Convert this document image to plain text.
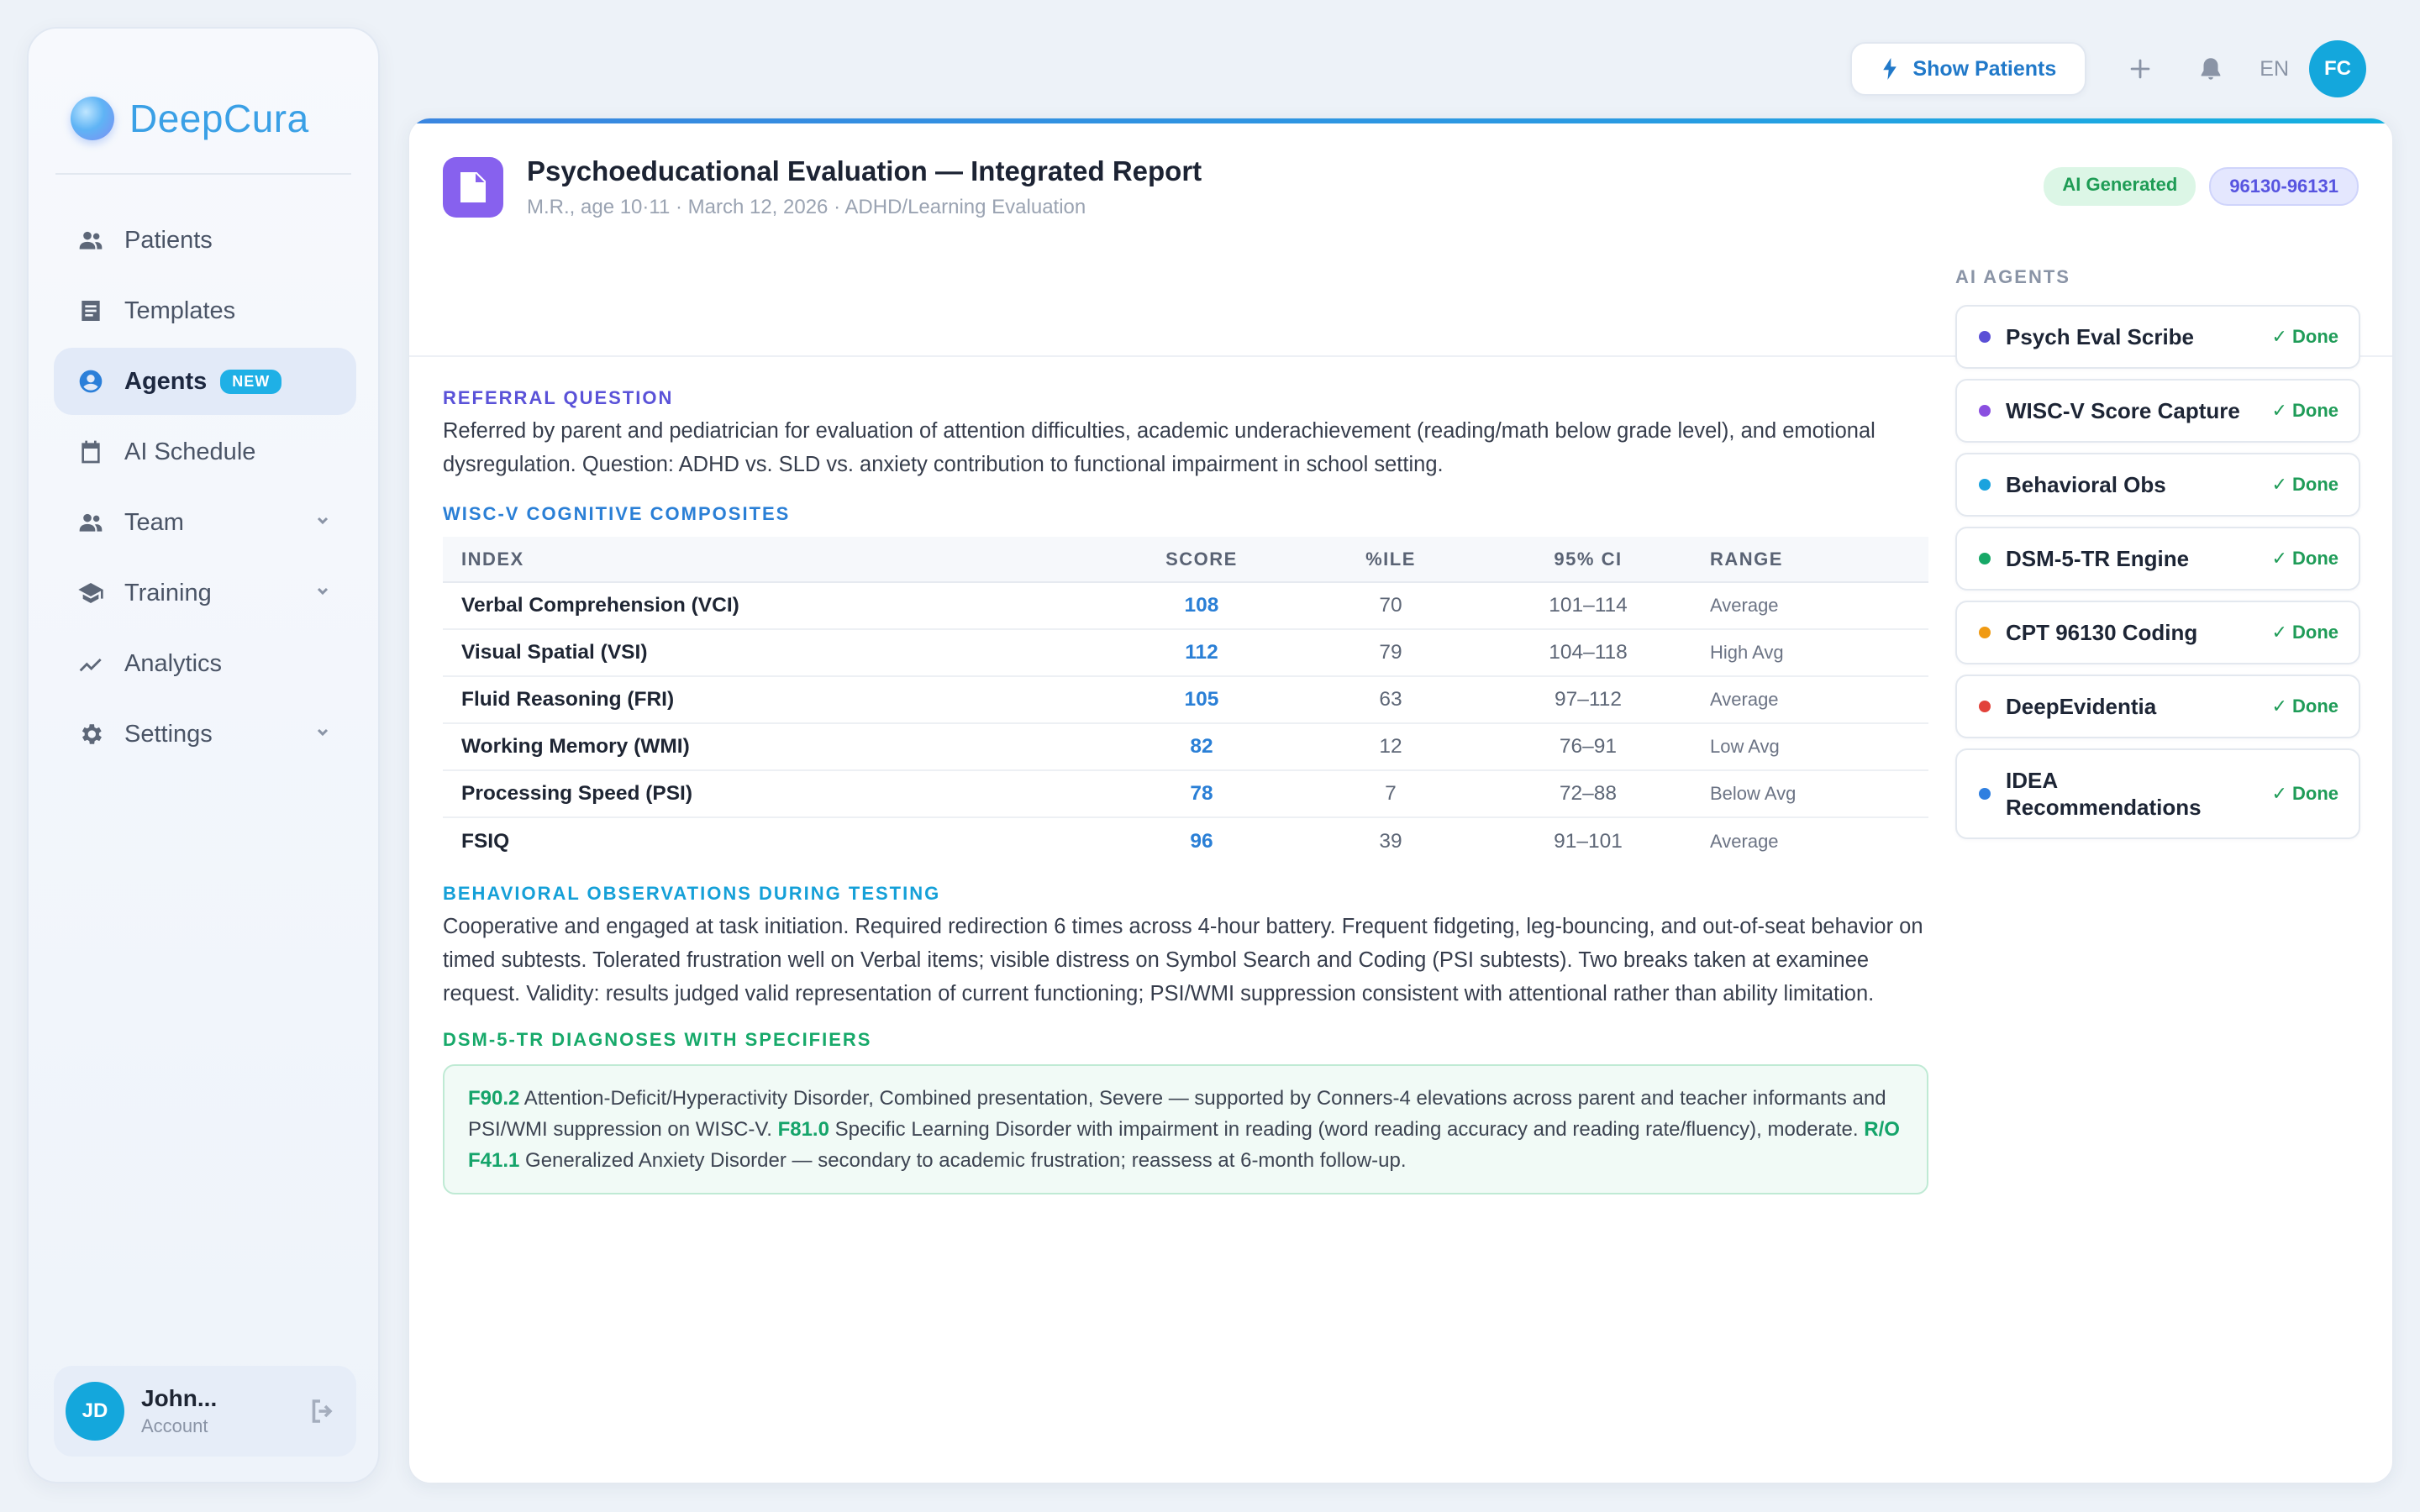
DeepCura
Patients
Templates
Agents	NEW
AI Schedule
Team
Training
Analytics
Settings
JD	John...
Account
Show Patients	EN	FC
Psychoeducational Evaluation — Integrated Report
M.R., age 10·11 · March 12, 2026 · ADHD/Learning Evaluation
AI Generated	96130-96131
REFERRAL QUESTION

Referred by parent and pediatrician for evaluation of attention difficulties, academic underachievement (reading/math below grade level), and emotional dysregulation. Question: ADHD vs. SLD vs. anxiety contribution to functional impairment in school setting.

WISC-V COGNITIVE COMPOSITES
INDEX	SCORE	%ILE	95% CI	RANGE
Verbal Comprehension (VCI)	108	70	101–114	Average
Visual Spatial (VSI)	112	79	104–118	High Avg
Fluid Reasoning (FRI)	105	63	97–112	Average
Working Memory (WMI)	82	12	76–91	Low Avg
Processing Speed (PSI)	78	7	72–88	Below Avg
FSIQ	96	39	91–101	Average
BEHAVIORAL OBSERVATIONS DURING TESTING

Cooperative and engaged at task initiation. Required redirection 6 times across 4-hour battery. Frequent fidgeting, leg-bouncing, and out-of-seat behavior on timed subtests. Tolerated frustration well on Verbal items; visible distress on Symbol Search and Coding (PSI subtests). Two breaks taken at examinee request. Validity: results judged valid representation of current functioning; PSI/WMI suppression consistent with attentional rather than ability limitation.

DSM-5-TR DIAGNOSES WITH SPECIFIERS
F90.2 Attention-Deficit/Hyperactivity Disorder, Combined presentation, Severe — supported by Conners-4 elevations across parent and teacher informants and PSI/WMI suppression on WISC-V. F81.0 Specific Learning Disorder with impairment in reading (word reading accuracy and reading rate/fluency), moderate. R/O F41.1 Generalized Anxiety Disorder — secondary to academic frustration; reassess at 6-month follow-up.
AI AGENTS
Psych Eval Scribe	✓ Done
WISC-V Score Capture ✓ Done
Behavioral Obs	✓ Done
DSM-5-TR Engine	✓ Done
CPT 96130 Coding	✓ Done
DeepEvidentia	✓ Done
IDEA Recommendations
✓ Done
